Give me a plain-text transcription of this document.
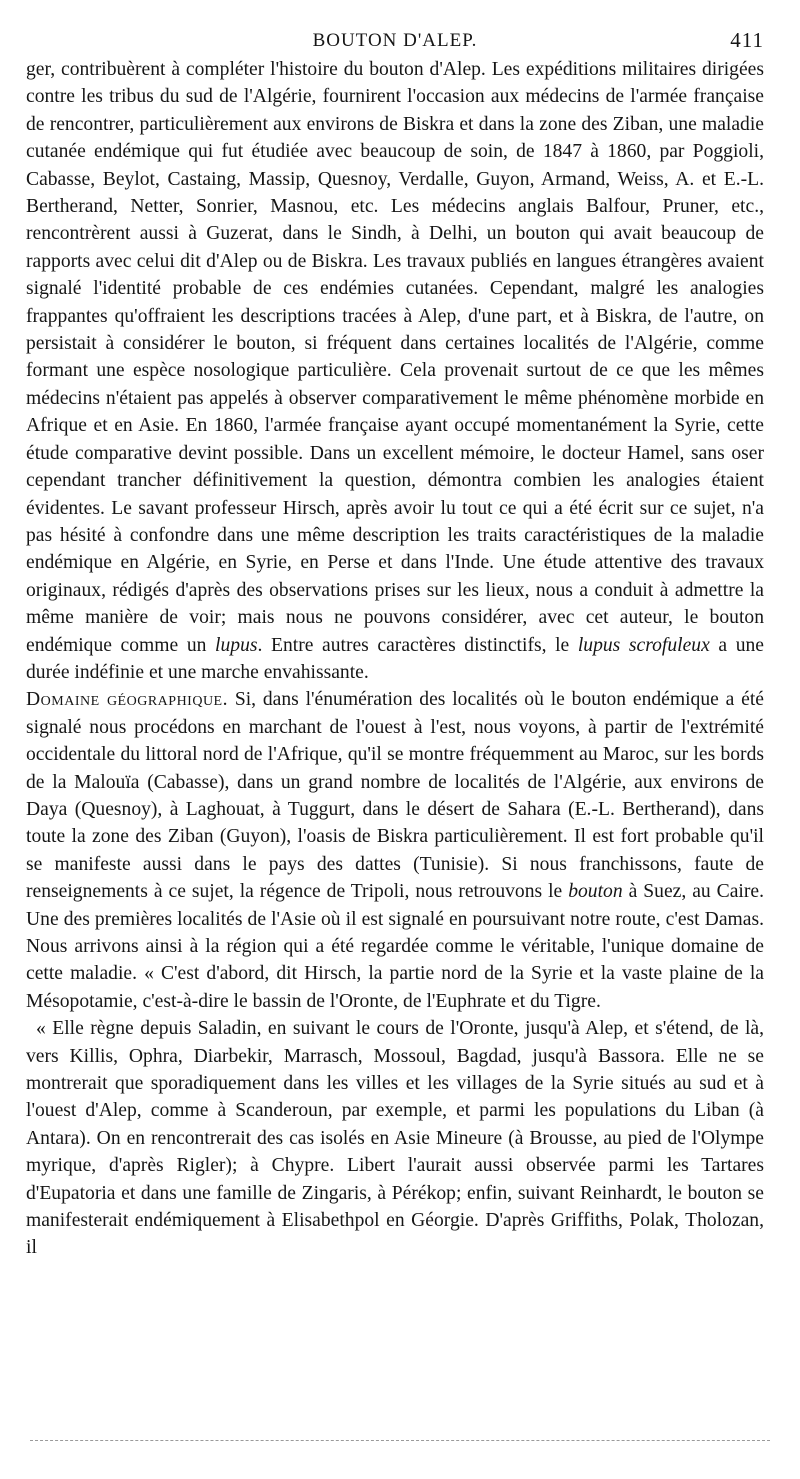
BOUTON D'ALEP.	411

ger, contribuèrent à compléter l'histoire du bouton d'Alep. Les expéditions militaires dirigées contre les tribus du sud de l'Algérie, fournirent l'occasion aux médecins de l'armée française de rencontrer, particulièrement aux environs de Biskra et dans la zone des Ziban, une maladie cutanée endémique qui fut étudiée avec beaucoup de soin, de 1847 à 1860, par Poggioli, Cabasse, Beylot, Castaing, Massip, Quesnoy, Verdalle, Guyon, Armand, Weiss, A. et E.-L. Bertherand, Netter, Sonrier, Masnou, etc. Les médecins anglais Balfour, Pruner, etc., rencontrèrent aussi à Guzerat, dans le Sindh, à Delhi, un bouton qui avait beaucoup de rapports avec celui dit d'Alep ou de Biskra. Les travaux publiés en langues étrangères avaient signalé l'identité probable de ces endémies cutanées. Cependant, malgré les analogies frappantes qu'offraient les descriptions tracées à Alep, d'une part, et à Biskra, de l'autre, on persistait à considérer le bouton, si fréquent dans certaines localités de l'Algérie, comme formant une espèce nosologique particulière. Cela provenait surtout de ce que les mêmes médecins n'étaient pas appelés à observer comparativement le même phénomène morbide en Afrique et en Asie. En 1860, l'armée française ayant occupé momentanément la Syrie, cette étude comparative devint possible. Dans un excellent mémoire, le docteur Hamel, sans oser cependant trancher définitivement la question, démontra combien les analogies étaient évidentes. Le savant professeur Hirsch, après avoir lu tout ce qui a été écrit sur ce sujet, n'a pas hésité à confondre dans une même description les traits caractéristiques de la maladie endémique en Algérie, en Syrie, en Perse et dans l'Inde. Une étude attentive des travaux originaux, rédigés d'après des observations prises sur les lieux, nous a conduit à admettre la même manière de voir; mais nous ne pouvons considérer, avec cet auteur, le bouton endémique comme un lupus. Entre autres caractères distinctifs, le lupus scrofuleux a une durée indéfinie et une marche envahissante.

Domaine géographique. Si, dans l'énumération des localités où le bouton endémique a été signalé nous procédons en marchant de l'ouest à l'est, nous voyons, à partir de l'extrémité occidentale du littoral nord de l'Afrique, qu'il se montre fréquemment au Maroc, sur les bords de la Malouïa (Cabasse), dans un grand nombre de localités de l'Algérie, aux environs de Daya (Quesnoy), à Laghouat, à Tuggurt, dans le désert de Sahara (E.-L. Bertherand), dans toute la zone des Ziban (Guyon), l'oasis de Biskra particulièrement. Il est fort probable qu'il se manifeste aussi dans le pays des dattes (Tunisie). Si nous franchissons, faute de renseignements à ce sujet, la régence de Tripoli, nous retrouvons le bouton à Suez, au Caire. Une des premières localités de l'Asie où il est signalé en poursuivant notre route, c'est Damas. Nous arrivons ainsi à la région qui a été regardée comme le véritable, l'unique domaine de cette maladie. « C'est d'abord, dit Hirsch, la partie nord de la Syrie et la vaste plaine de la Mésopotamie, c'est-à-dire le bassin de l'Oronte, de l'Euphrate et du Tigre.

« Elle règne depuis Saladin, en suivant le cours de l'Oronte, jusqu'à Alep, et s'étend, de là, vers Killis, Ophra, Diarbekir, Marrasch, Mossoul, Bagdad, jusqu'à Bassora. Elle ne se montrerait que sporadiquement dans les villes et les villages de la Syrie situés au sud et à l'ouest d'Alep, comme à Scanderoun, par exemple, et parmi les populations du Liban (à Antara). On en rencontrerait des cas isolés en Asie Mineure (à Brousse, au pied de l'Olympe myrique, d'après Rigler); à Chypre. Libert l'aurait aussi observée parmi les Tartares d'Eupatoria et dans une famille de Zingaris, à Pérékop; enfin, suivant Reinhardt, le bouton se manifesterait endémiquement à Elisabethpol en Géorgie. D'après Griffiths, Polak, Tholozan, il
